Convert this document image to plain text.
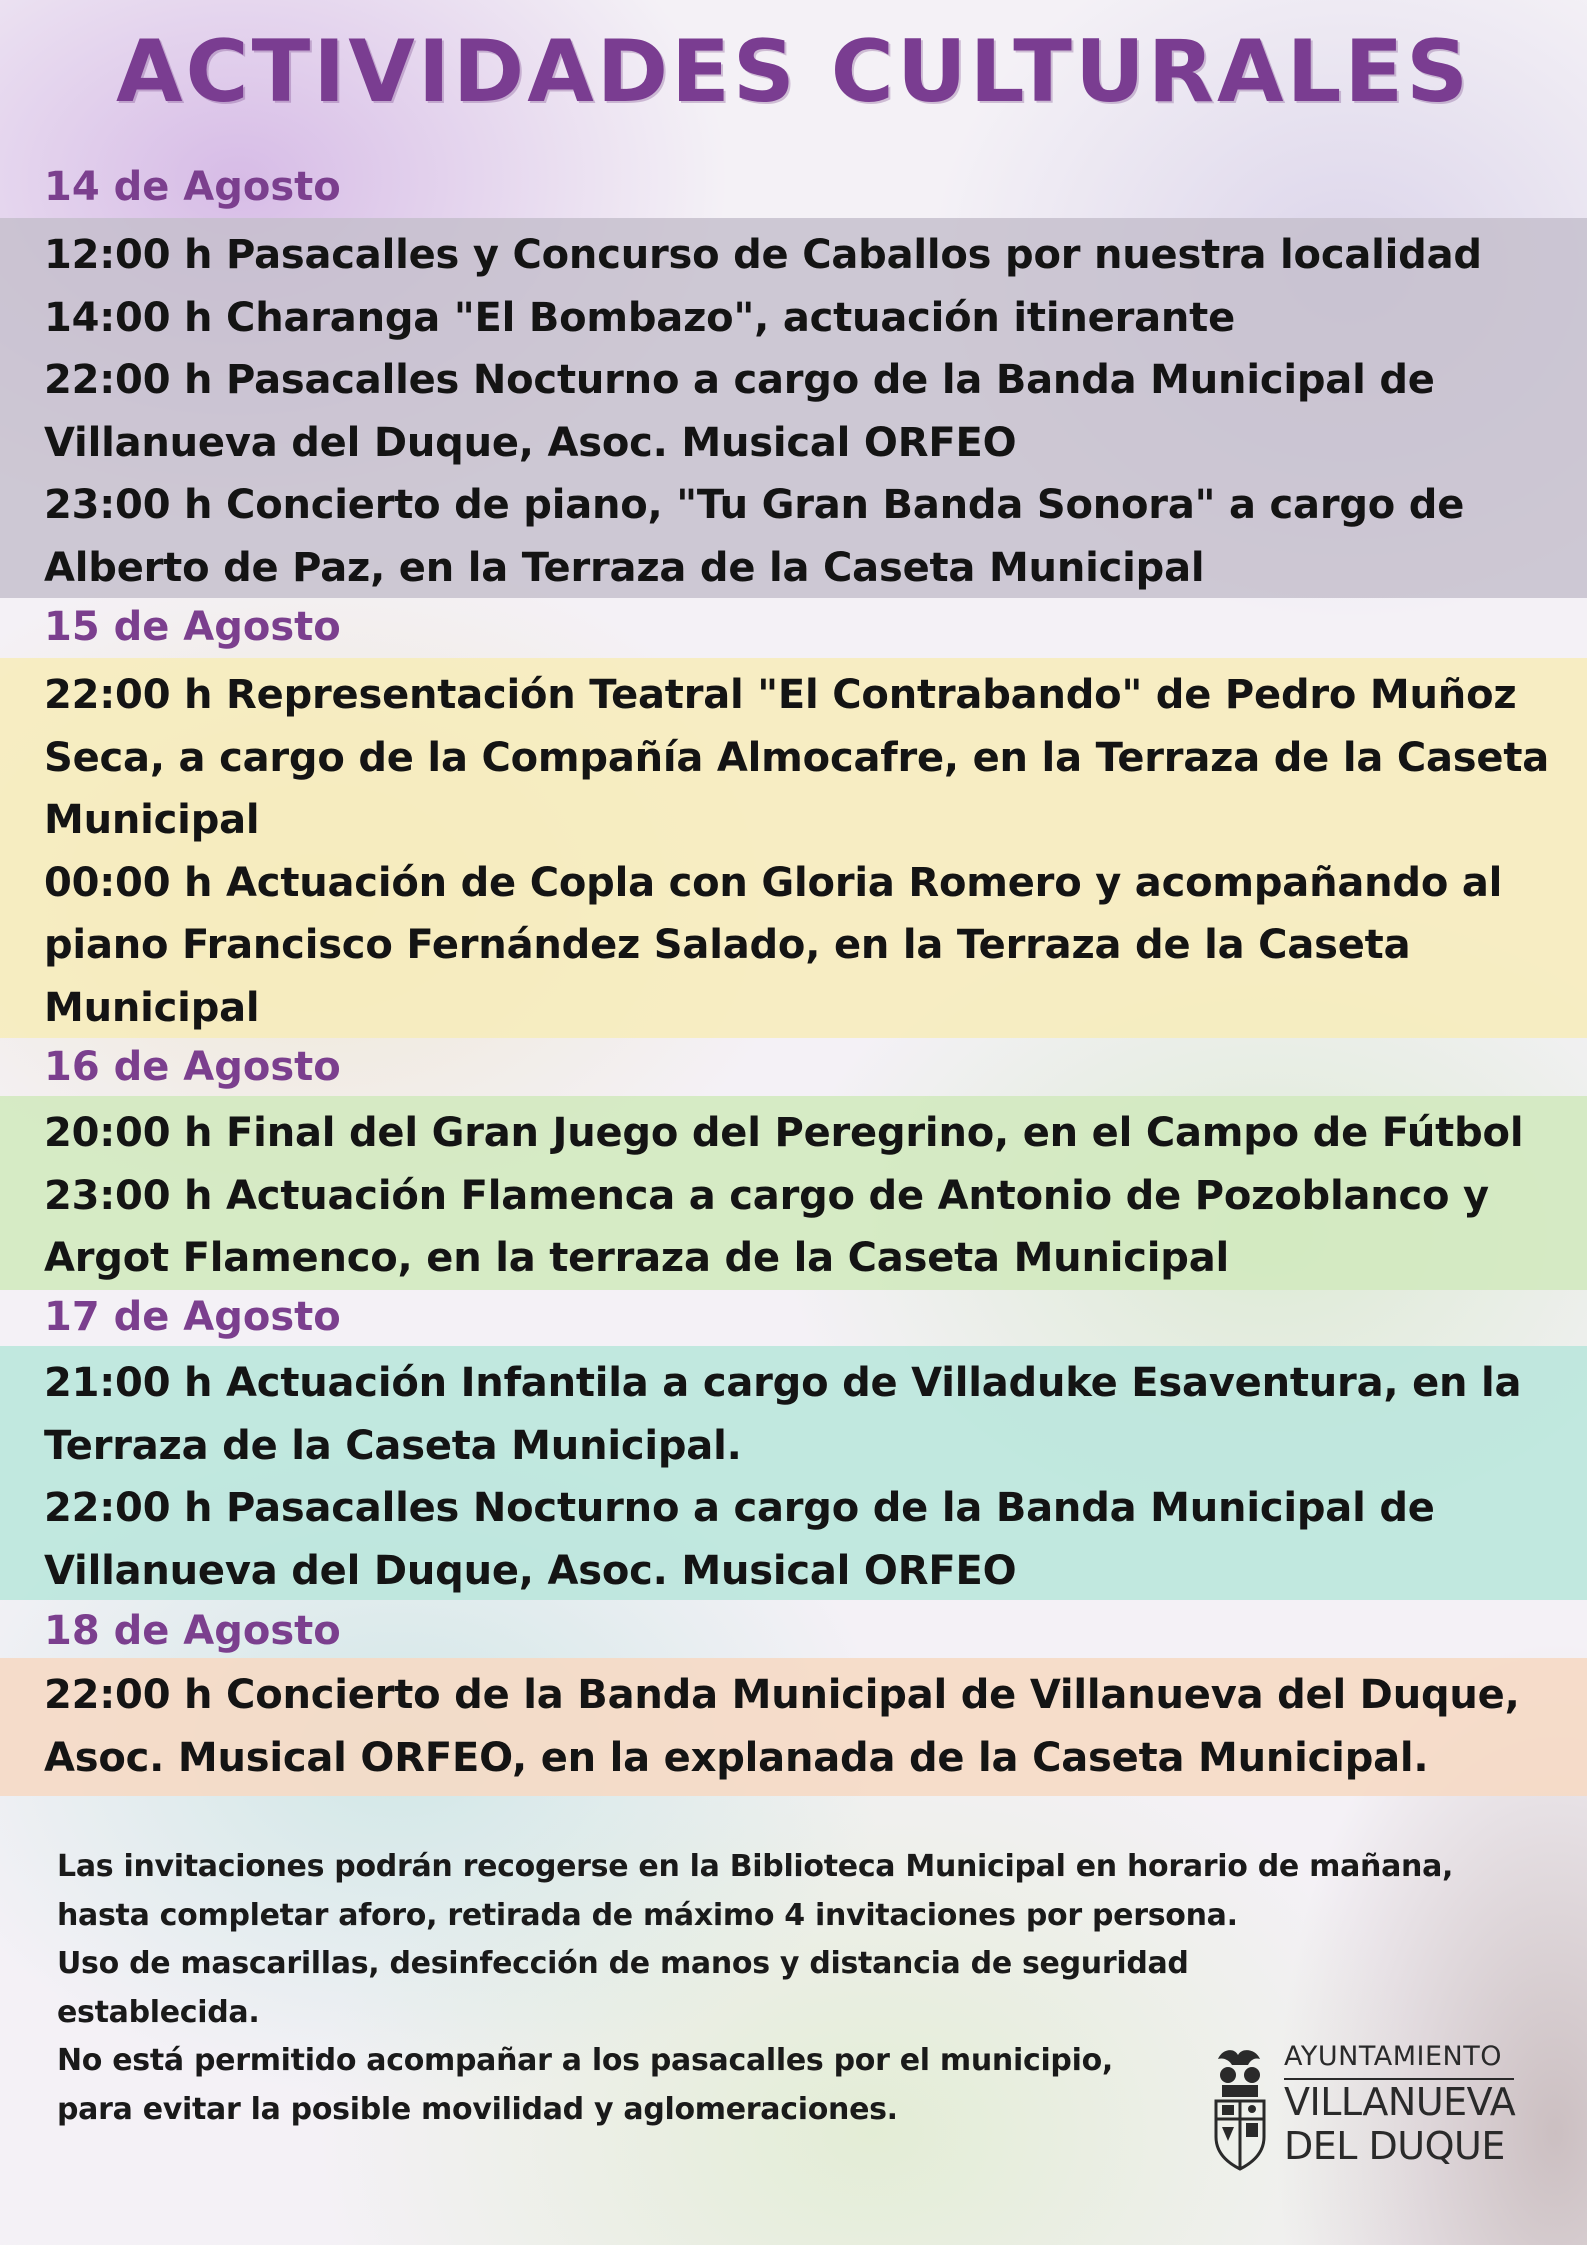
ACTIVIDADES CULTURALES
14 de Agosto
12:00 h Pasacalles y Concurso de Caballos por nuestra localidad
14:00 h Charanga "El Bombazo", actuación itinerante
22:00 h Pasacalles Nocturno a cargo de la Banda Municipal de
Villanueva del Duque, Asoc. Musical ORFEO
23:00 h Concierto de piano, "Tu Gran Banda Sonora" a cargo de
Alberto de Paz, en la Terraza de la Caseta Municipal
15 de Agosto
22:00 h Representación Teatral "El Contrabando" de Pedro Muñoz
Seca, a cargo de la Compañía Almocafre, en la Terraza de la Caseta
Municipal
00:00 h Actuación de Copla con Gloria Romero y acompañando al
piano Francisco Fernández Salado, en la Terraza de la Caseta
Municipal
16 de Agosto
20:00 h Final del Gran Juego del Peregrino, en el Campo de Fútbol
23:00 h Actuación Flamenca a cargo de Antonio de Pozoblanco y
Argot Flamenco, en la terraza de la Caseta Municipal
17 de Agosto
21:00 h Actuación Infantila a cargo de Villaduke Esaventura, en la
Terraza de la Caseta Municipal.
22:00 h Pasacalles Nocturno a cargo de la Banda Municipal de
Villanueva del Duque, Asoc. Musical ORFEO
18 de Agosto
22:00 h Concierto de la Banda Municipal de Villanueva del Duque,
Asoc. Musical ORFEO, en la explanada de la Caseta Municipal.
Las invitaciones podrán recogerse en la Biblioteca Municipal en horario de mañana,
hasta completar aforo, retirada de máximo 4 invitaciones por persona.
Uso de mascarillas, desinfección de manos y distancia de seguridad
establecida.
No está permitido acompañar a los pasacalles por el municipio,
para evitar la posible movilidad y aglomeraciones.
AYUNTAMIENTO
VILLANUEVA
DEL DUQUE
